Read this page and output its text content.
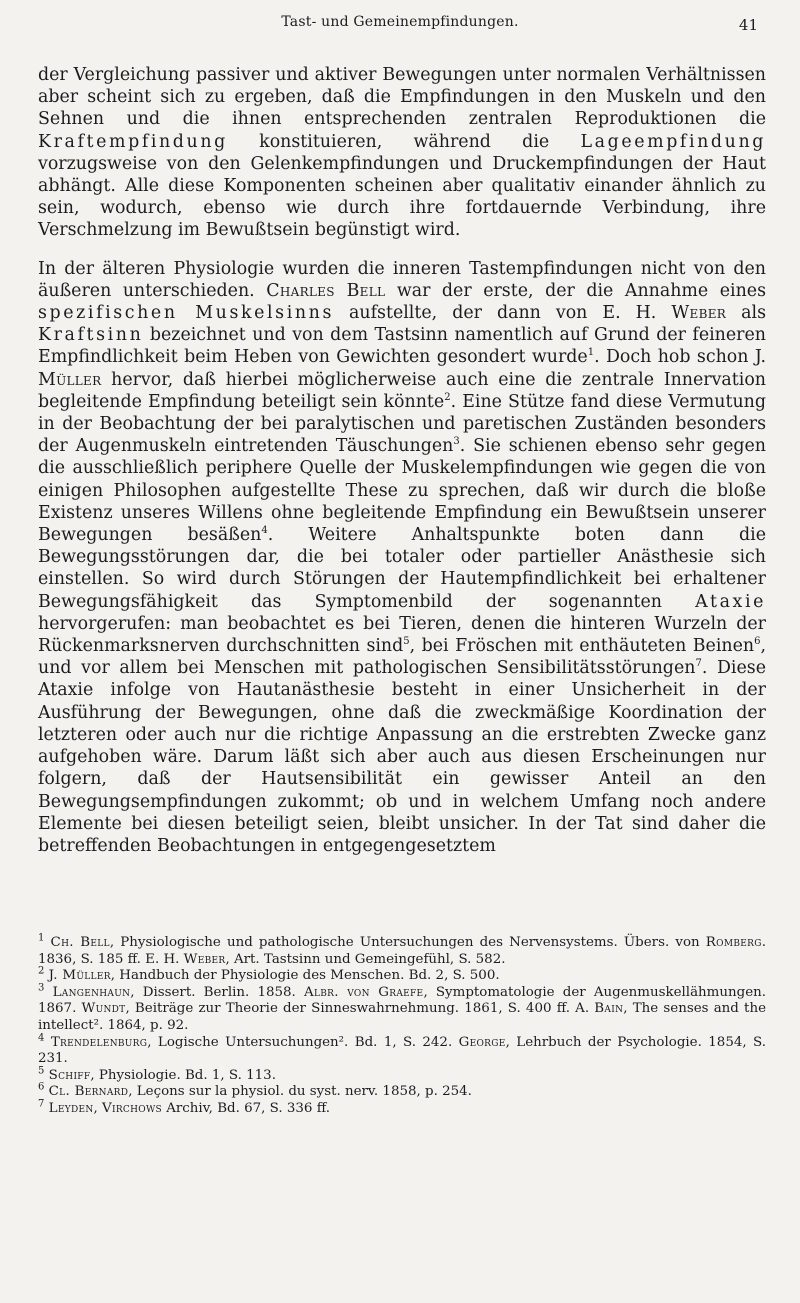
Tast- und Gemeinempfindungen.	41

der Vergleichung passiver und aktiver Bewegungen unter normalen Verhältnissen aber scheint sich zu ergeben, daß die Empfindungen in den Muskeln und den Sehnen und die ihnen entsprechenden zentralen Reproduktionen die Kraftempfindung konstituieren, während die Lageempfindung vorzugsweise von den Gelenkempfindungen und Druckempfindungen der Haut abhängt. Alle diese Komponenten scheinen aber qualitativ einander ähnlich zu sein, wodurch, ebenso wie durch ihre fortdauernde Verbindung, ihre Verschmelzung im Bewußtsein begünstigt wird.

In der älteren Physiologie wurden die inneren Tastempfindungen nicht von den äußeren unterschieden. Charles Bell war der erste, der die Annahme eines spezifischen Muskelsinns aufstellte, der dann von E. H. Weber als Kraftsinn bezeichnet und von dem Tastsinn namentlich auf Grund der feineren Empfindlichkeit beim Heben von Gewichten gesondert wurde$^1$. Doch hob schon J. Müller hervor, daß hierbei möglicherweise auch eine die zentrale Innervation begleitende Empfindung beteiligt sein könnte$^2$. Eine Stütze fand diese Vermutung in der Beobachtung der bei paralytischen und paretischen Zuständen besonders der Augenmuskeln eintretenden Täuschungen$^3$. Sie schienen ebenso sehr gegen die ausschließlich periphere Quelle der Muskelempfindungen wie gegen die von einigen Philosophen aufgestellte These zu sprechen, daß wir durch die bloße Existenz unseres Willens ohne begleitende Empfindung ein Bewußtsein unserer Bewegungen besäßen$^4$. Weitere Anhaltspunkte boten dann die Bewegungsstörungen dar, die bei totaler oder partieller Anästhesie sich einstellen. So wird durch Störungen der Hautempfindlichkeit bei erhaltener Bewegungsfähigkeit das Symptomenbild der sogenannten Ataxie hervorgerufen: man beobachtet es bei Tieren, denen die hinteren Wurzeln der Rückenmarksnerven durchschnitten sind$^5$, bei Fröschen mit enthäuteten Beinen$^6$, und vor allem bei Menschen mit pathologischen Sensibilitätsstörungen$^7$. Diese Ataxie infolge von Hautanästhesie besteht in einer Unsicherheit in der Ausführung der Bewegungen, ohne daß die zweckmäßige Koordination der letzteren oder auch nur die richtige Anpassung an die erstrebten Zwecke ganz aufgehoben wäre. Darum läßt sich aber auch aus diesen Erscheinungen nur folgern, daß der Hautsensibilität ein gewisser Anteil an den Bewegungsempfindungen zukommt; ob und in welchem Umfang noch andere Elemente bei diesen beteiligt seien, bleibt unsicher. In der Tat sind daher die betreffenden Beobachtungen in entgegengesetztem

$^1$ Ch. Bell, Physiologische und pathologische Untersuchungen des Nervensystems. Übers. von Romberg. 1836, S. 185 ff. E. H. Weber, Art. Tastsinn und Gemeingefühl, S. 582.

$^2$ J. Müller, Handbuch der Physiologie des Menschen. Bd. 2, S. 500.

$^3$ Langenhaun, Dissert. Berlin. 1858. Albr. von Graefe, Symptomatologie der Augenmuskellähmungen. 1867. Wundt, Beiträge zur Theorie der Sinneswahrnehmung. 1861, S. 400 ff. A. Bain, The senses and the intellect². 1864, p. 92.

$^4$ Trendelenburg, Logische Untersuchungen². Bd. 1, S. 242. George, Lehrbuch der Psychologie. 1854, S. 231.

$^5$ Schiff, Physiologie. Bd. 1, S. 113.

$^6$ Cl. Bernard, Leçons sur la physiol. du syst. nerv. 1858, p. 254.

$^7$ Leyden, Virchows Archiv, Bd. 67, S. 336 ff.
